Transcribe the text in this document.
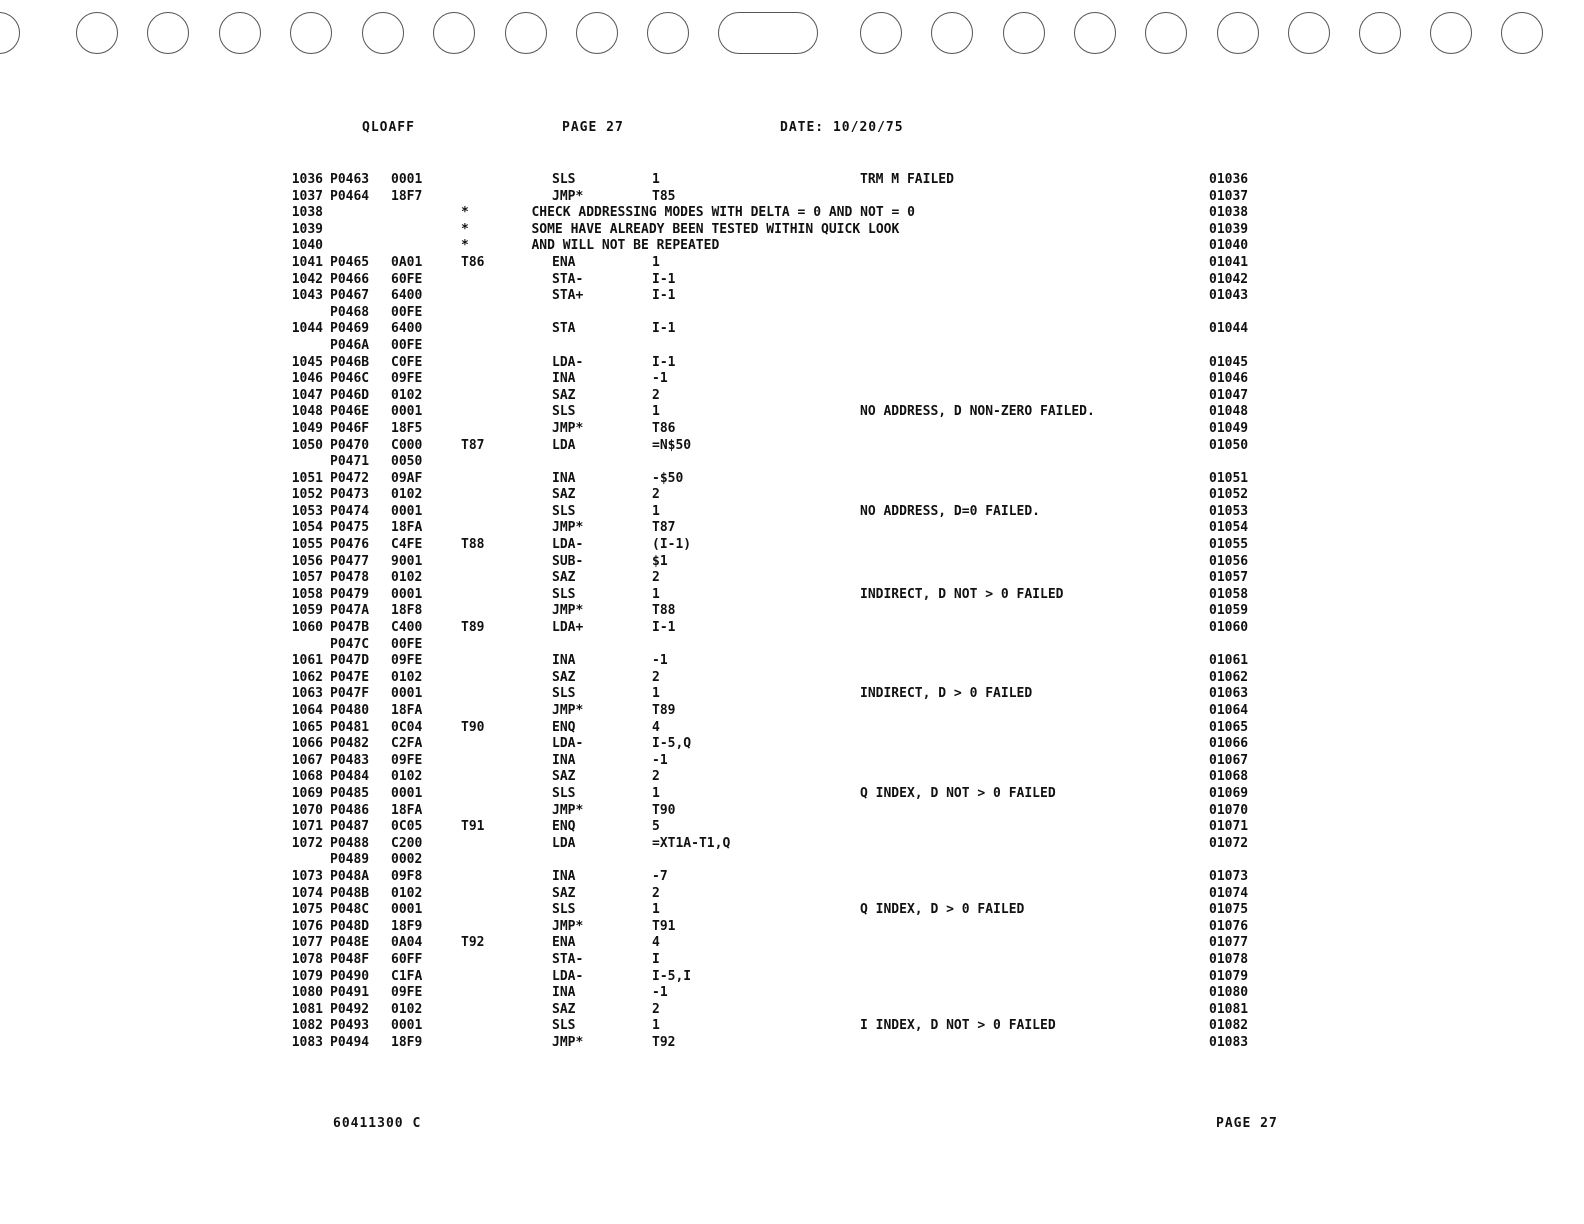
QLOAFF	PAGE 27	DATE: 10/20/75
1036 P0463 0001	SLS	1	TRM M FAILED	01036
1037 P0464 18F7	JMP*	T85	01037
1038	*        CHECK ADDRESSING MODES WITH DELTA = 0 AND NOT = 0	01038
1039	*        SOME HAVE ALREADY BEEN TESTED WITHIN QUICK LOOK	01039
1040	*        AND WILL NOT BE REPEATED	01040
1041 P0465 0A01	T86	ENA	1	01041
1042 P0466 60FE	STA-	I-1	01042
1043 P0467 6400	STA+	I-1	01043
P0468 00FE
1044 P0469 6400	STA	I-1	01044
P046A 00FE
1045 P046B C0FE	LDA-	I-1	01045
1046 P046C 09FE	INA	-1	01046
1047 P046D 0102	SAZ	2	01047
1048 P046E 0001	SLS	1	NO ADDRESS, D NON-ZERO FAILED.	01048
1049 P046F 18F5	JMP*	T86	01049
1050 P0470 C000	T87	LDA	=N$50	01050
P0471 0050
1051 P0472 09AF	INA	-$50	01051
1052 P0473 0102	SAZ	2	01052
1053 P0474 0001	SLS	1	NO ADDRESS, D=0 FAILED.	01053
1054 P0475 18FA	JMP*	T87	01054
1055 P0476 C4FE	T88	LDA-	(I-1)	01055
1056 P0477 9001	SUB-	$1	01056
1057 P0478 0102	SAZ	2	01057
1058 P0479 0001	SLS	1	INDIRECT, D NOT > 0 FAILED	01058
1059 P047A 18F8	JMP*	T88	01059
1060 P047B C400	T89	LDA+	I-1	01060
P047C 00FE
1061 P047D 09FE	INA	-1	01061
1062 P047E 0102	SAZ	2	01062
1063 P047F 0001	SLS	1	INDIRECT, D > 0 FAILED	01063
1064 P0480 18FA	JMP*	T89	01064
1065 P0481 0C04	T90	ENQ	4	01065
1066 P0482 C2FA	LDA-	I-5,Q	01066
1067 P0483 09FE	INA	-1	01067
1068 P0484 0102	SAZ	2	01068
1069 P0485 0001	SLS	1	Q INDEX, D NOT > 0 FAILED	01069
1070 P0486 18FA	JMP*	T90	01070
1071 P0487 0C05	T91	ENQ	5	01071
1072 P0488 C200	LDA	=XT1A-T1,Q	01072
P0489 0002
1073 P048A 09F8	INA	-7	01073
1074 P048B 0102	SAZ	2	01074
1075 P048C 0001	SLS	1	Q INDEX, D > 0 FAILED	01075
1076 P048D 18F9	JMP*	T91	01076
1077 P048E 0A04	T92	ENA	4	01077
1078 P048F 60FF	STA-	I	01078
1079 P0490 C1FA	LDA-	I-5,I	01079
1080 P0491 09FE	INA	-1	01080
1081 P0492 0102	SAZ	2	01081
1082 P0493 0001	SLS	1	I INDEX, D NOT > 0 FAILED	01082
1083 P0494 18F9	JMP*	T92	01083
60411300 C	PAGE 27
